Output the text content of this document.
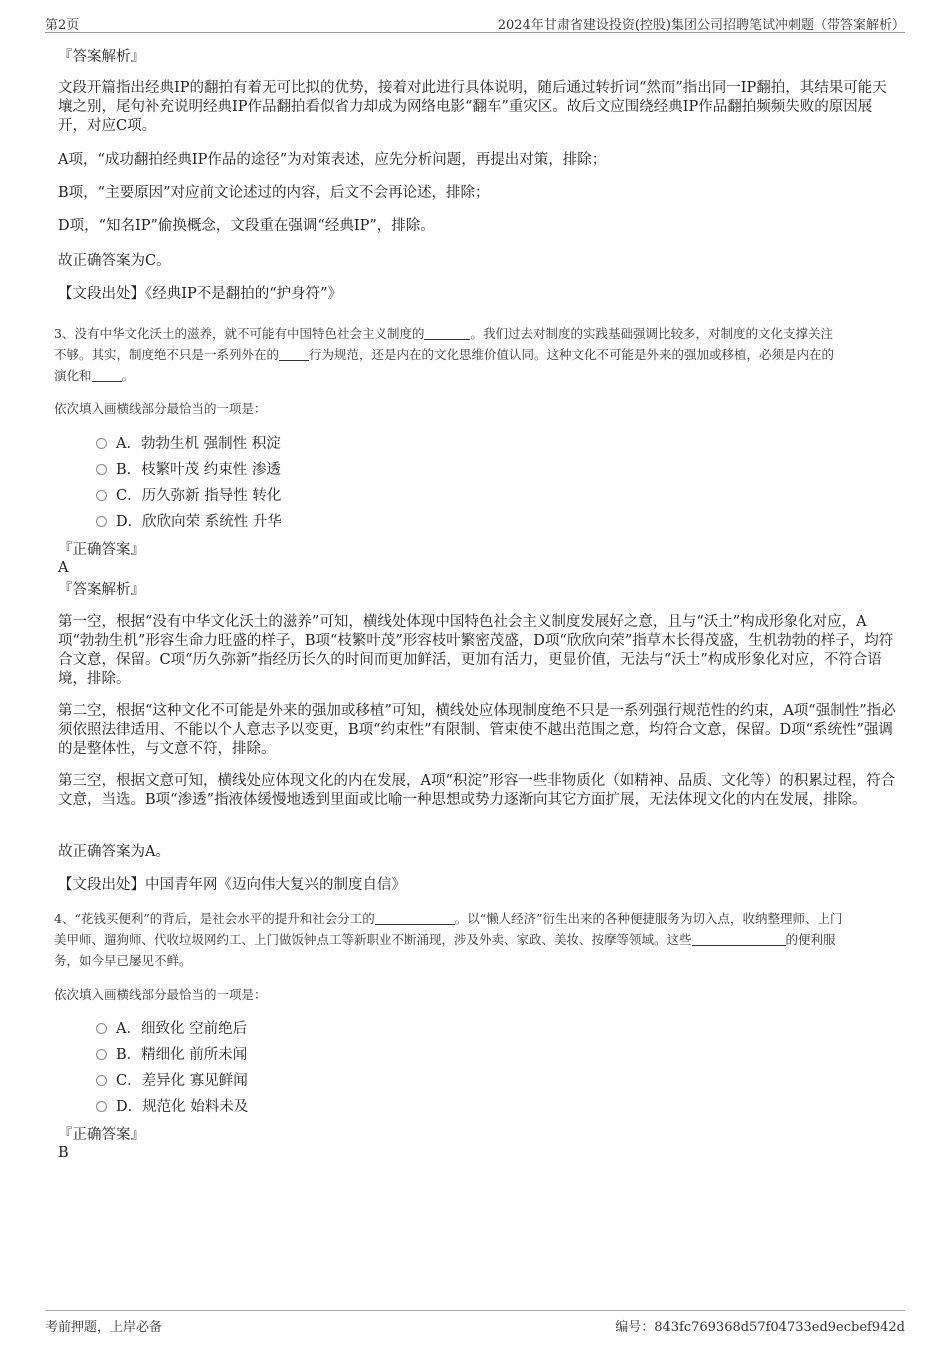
第2页	2024年甘肃省建设投资(控股)集团公司招聘笔试冲刺题（带答案解析）
『答案解析』
文段开篇指出经典IP的翻拍有着无可比拟的优势，接着对此进行具体说明，随后通过转折词“然而”指出同一IP翻拍，其结果可能天壤之别，尾句补充说明经典IP作品翻拍看似省力却成为网络电影“翻车”重灾区。故后文应围绕经典IP作品翻拍频频失败的原因展开，对应C项。
A项，“成功翻拍经典IP作品的途径”为对策表述，应先分析问题，再提出对策，排除；
B项，“主要原因”对应前文论述过的内容，后文不会再论述，排除；
D项，“知名IP”偷换概念，文段重在强调“经典IP”，排除。
故正确答案为C。
【文段出处】《经典IP不是翻拍的“护身符”》
3、没有中华文化沃土的滋养，就不可能有中国特色社会主义制度的	。我们过去对制度的实践基础强调比较多，对制度的文化支撑关注
不够。其实，制度绝不只是一系列外在的 行为规范，还是内在的文化思维价值认同。这种文化不可能是外来的强加或移植，必须是内在的
演化和 。
依次填入画横线部分最恰当的一项是：
A．勃勃生机 强制性 积淀
B．枝繁叶茂 约束性 渗透
C．历久弥新 指导性 转化
D．欣欣向荣 系统性 升华
『正确答案』
A
『答案解析』
第一空，根据“没有中华文化沃土的滋养”可知，横线处体现中国特色社会主义制度发展好之意，且与“沃土”构成形象化对应，A项“勃勃生机”形容生命力旺盛的样子，B项“枝繁叶茂”形容枝叶繁密茂盛，D项“欣欣向荣”指草木长得茂盛，生机勃勃的样子，均符合文意，保留。C项“历久弥新”指经历长久的时间而更加鲜活，更加有活力，更显价值，无法与“沃土”构成形象化对应，不符合语境，排除。
第二空，根据“这种文化不可能是外来的强加或移植”可知，横线处应体现制度绝不只是一系列强行规范性的约束，A项“强制性”指必须依照法律适用、不能以个人意志予以变更，B项“约束性”有限制、管束使不越出范围之意，均符合文意，保留。D项“系统性”强调的是整体性，与文意不符，排除。
第三空，根据文意可知，横线处应体现文化的内在发展，A项“积淀”形容一些非物质化（如精神、品质、文化等）的积累过程，符合文意，当选。B项“渗透”指液体缓慢地透到里面或比喻一种思想或势力逐渐向其它方面扩展，无法体现文化的内在发展，排除。
故正确答案为A。
【文段出处】中国青年网《迈向伟大复兴的制度自信》
4、“花钱买便利”的背后，是社会水平的提升和社会分工的	。以“懒人经济”衍生出来的各种便捷服务为切入点，收纳整理师、上门
美甲师、遛狗师、代收垃圾网约工、上门做饭钟点工等新职业不断涌现，涉及外卖、家政、美妆、按摩等领域。这些	的便利服
务，如今早已屡见不鲜。
依次填入画横线部分最恰当的一项是：
A．细致化 空前绝后
B．精细化 前所未闻
C．差异化 寡见鲜闻
D．规范化 始料未及
『正确答案』
B
考前押题，上岸必备	编号：843fc769368d57f04733ed9ecbef942d
